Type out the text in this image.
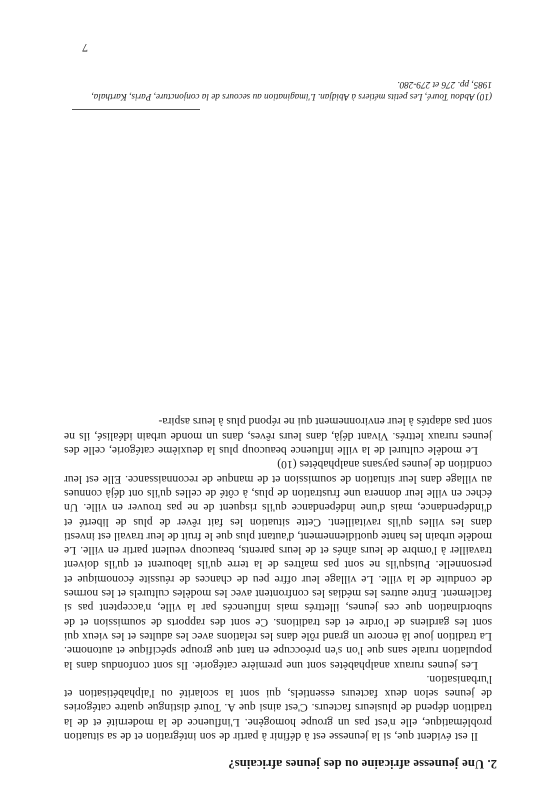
2. Une jeunesse africaine ou des jeunes africains?

Il est évident que, si la jeunesse est à définir à partir de son intégration et de sa situation problématique, elle n'est pas un groupe homogène. L'influence de la modernité et de la tradition dépend de plusieurs facteurs. C'est ainsi que A. Touré distingue quatre catégories de jeunes selon deux facteurs essentiels, qui sont la scolarité ou l'alphabétisation et l'urbanisation.

Les jeunes ruraux analphabètes sont une première catégorie. Ils sont confondus dans la population rurale sans que l'on s'en préoccupe en tant que groupe spécifique et autonome. La tradition joue là encore un grand rôle dans les relations avec les adultes et les vieux qui sont les gardiens de l'ordre et des traditions. Ce sont des rapports de soumission et de subordination que ces jeunes, illettrés mais influencés par la ville, n'acceptent pas si facilement. Entre autres les médias les confrontent avec les modèles culturels et les normes de conduite de la ville. Le village leur offre peu de chances de réussite économique et personnelle. Puisqu'ils ne sont pas maîtres de la terre qu'ils labourent et qu'ils doivent travailler à l'ombre de leurs aînés et de leurs parents, beaucoup veulent partir en ville. Le modèle urbain les hante quotidiennement, d'autant plus que le fruit de leur travail est investi dans les villes qu'ils ravitaillent. Cette situation les fait rêver de plus de liberté et d'indépendance, mais d'une indépendance qu'ils risquent de ne pas trouver en ville. Un échec en ville leur donnera une frustration de plus, à côté de celles qu'ils ont déjà connues au village dans leur situation de soumission et de manque de reconnaissance. Elle est leur condition de jeunes paysans analphabètes (10)

Le modèle culturel de la ville influence beaucoup plus la deuxième catégorie, celle des jeunes ruraux lettrés. Vivant déjà, dans leurs rêves, dans un monde urbain idéalisé, ils ne sont pas adaptés à leur environnement qui ne répond plus à leurs aspira-

(10) Abdou Touré, Les petits métiers à Abidjan. L'imagination au secours de la conjoncture, Paris, Karthala, 1985, pp. 276 et 279-280.
7
